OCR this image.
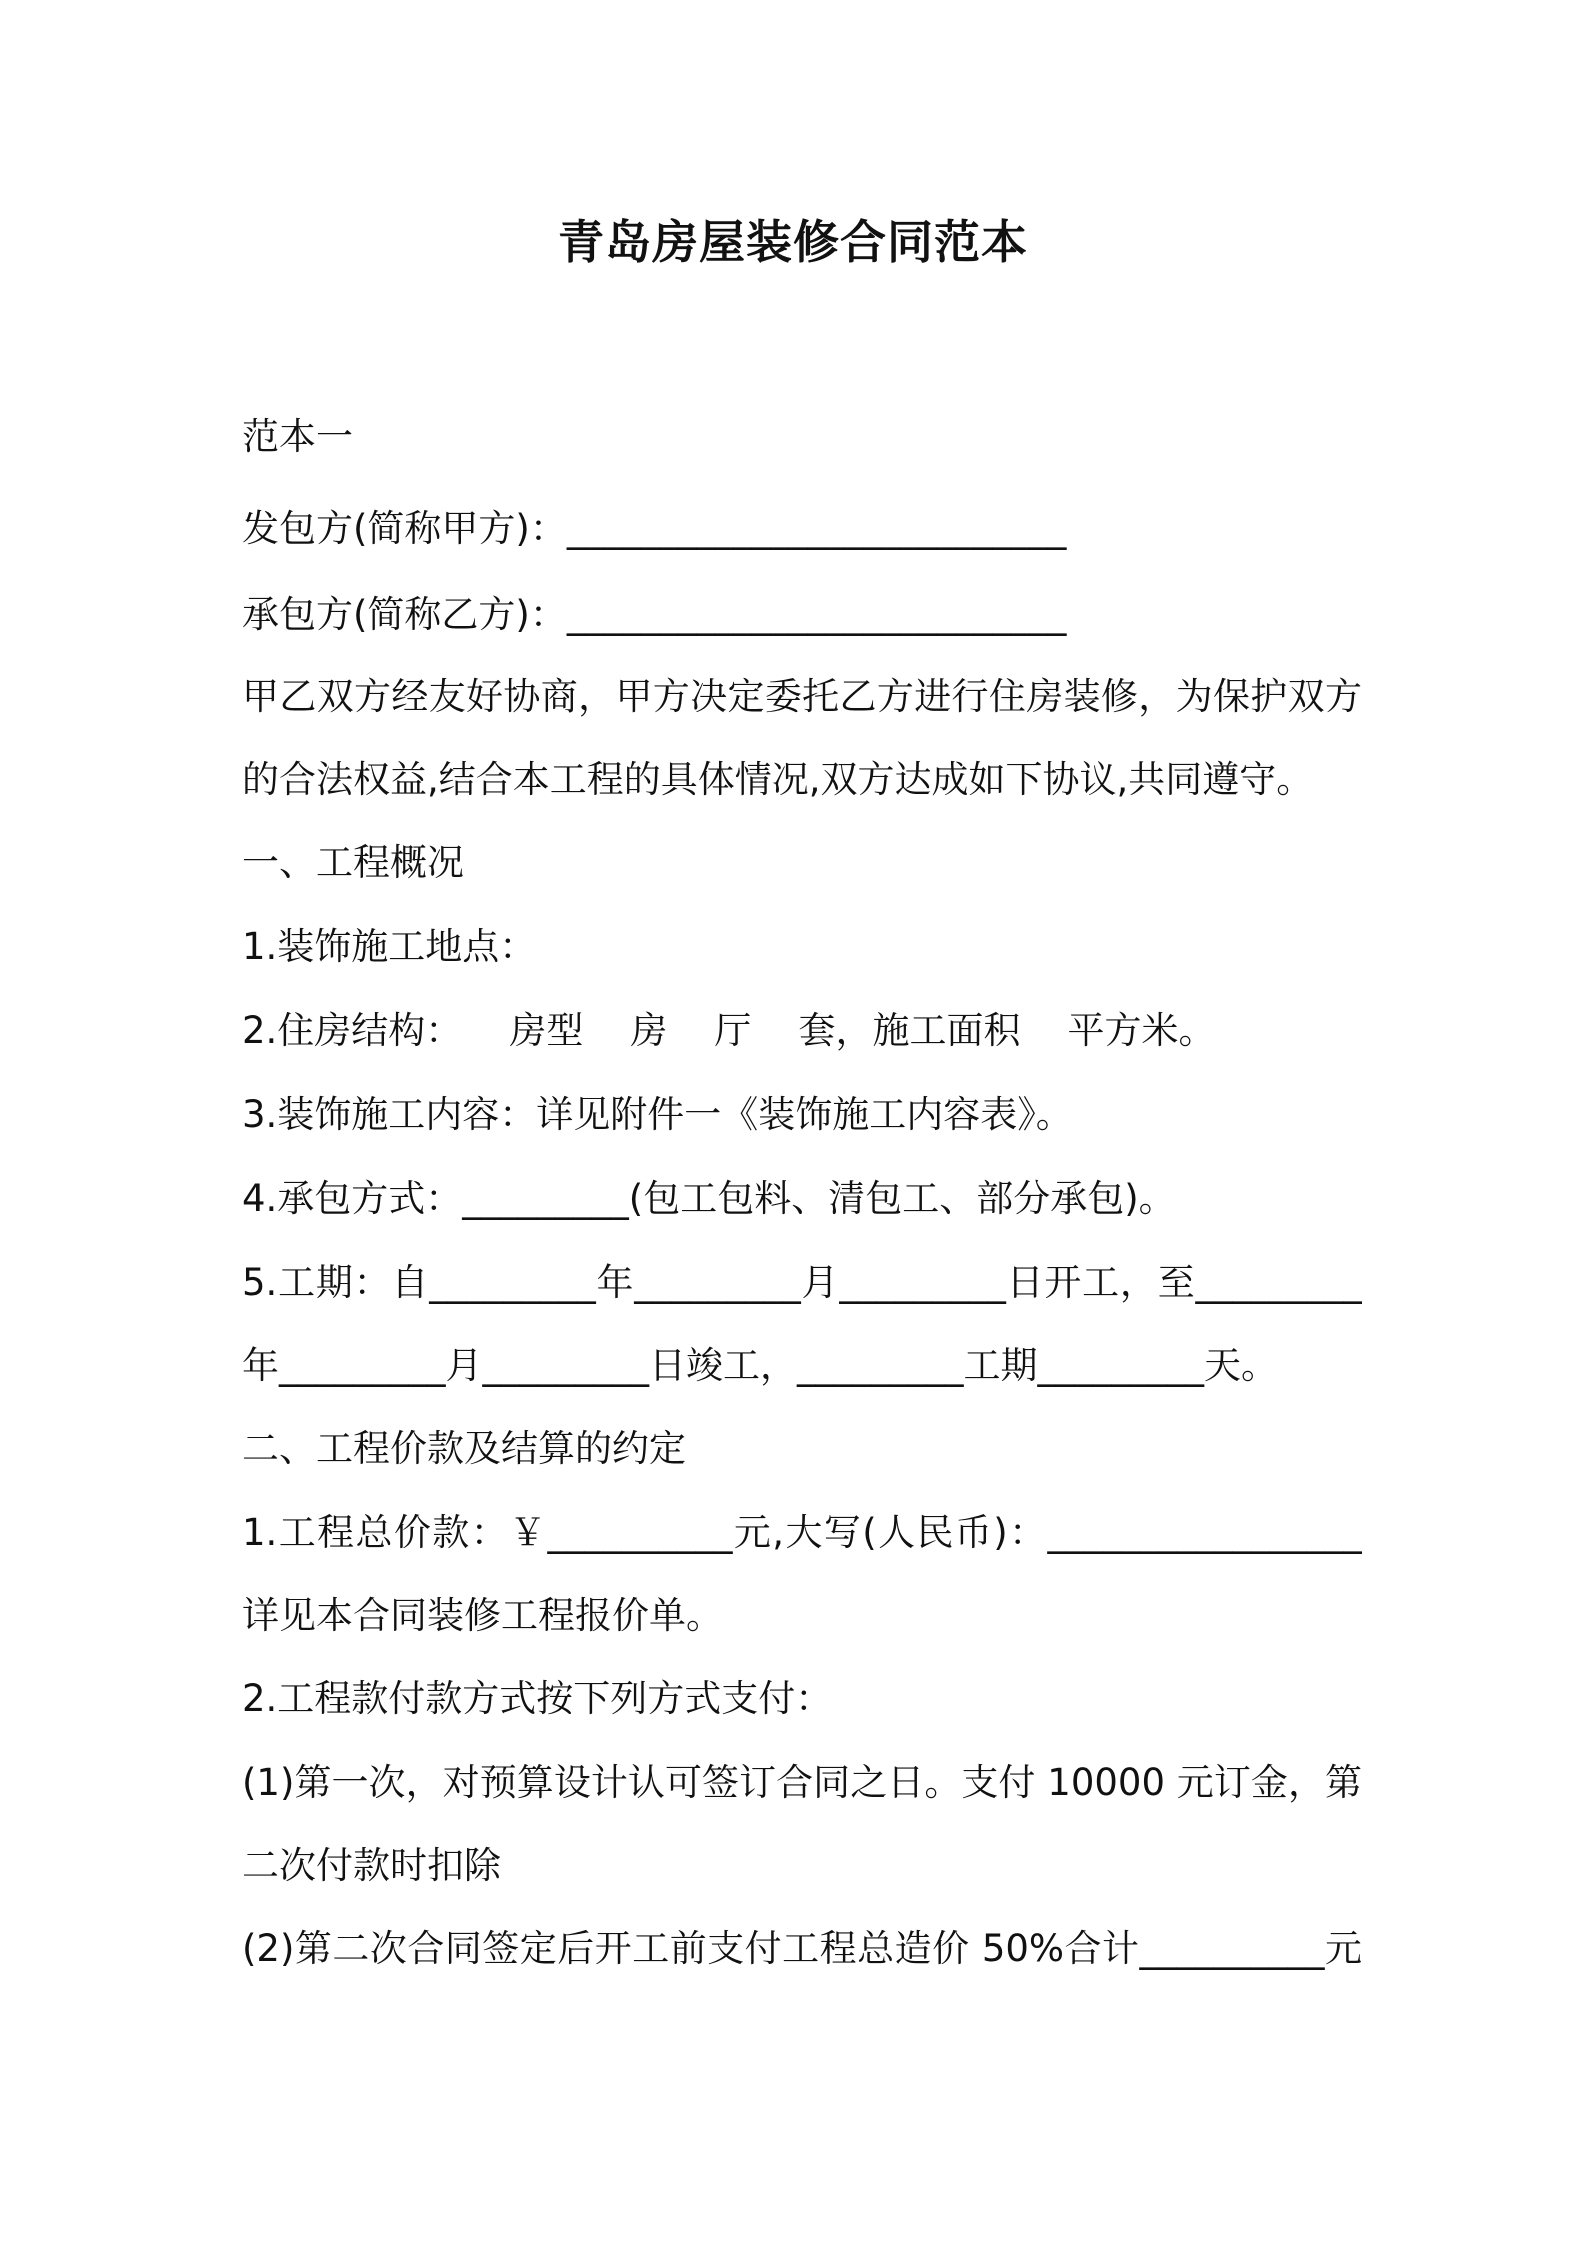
青岛房屋装修合同范本
范本一
发包方(简称甲方)：___________________________
承包方(简称乙方)：___________________________
甲乙双方经友好协商，甲方决定委托乙方进行住房装修，为保护双方
的合法权益,结合本工程的具体情况,双方达成如下协议,共同遵守。
一、工程概况
1.装饰施工地点：
2.住房结构：    房型    房    厅    套，施工面积    平方米。
3.装饰施工内容：详见附件一《装饰施工内容表》。
4.承包方式：_________(包工包料、清包工、部分承包)。
5.工期：自_________年_________月_________日开工，至_________
年_________月_________日竣工，_________工期_________天。
二、工程价款及结算的约定
1.工程总价款：￥__________元,大写(人民币)：_________________
详见本合同装修工程报价单。
2.工程款付款方式按下列方式支付：
(1)第一次，对预算设计认可签订合同之日。支付 10000 元订金，第
二次付款时扣除
(2)第二次合同签定后开工前支付工程总造价 50%合计__________元
